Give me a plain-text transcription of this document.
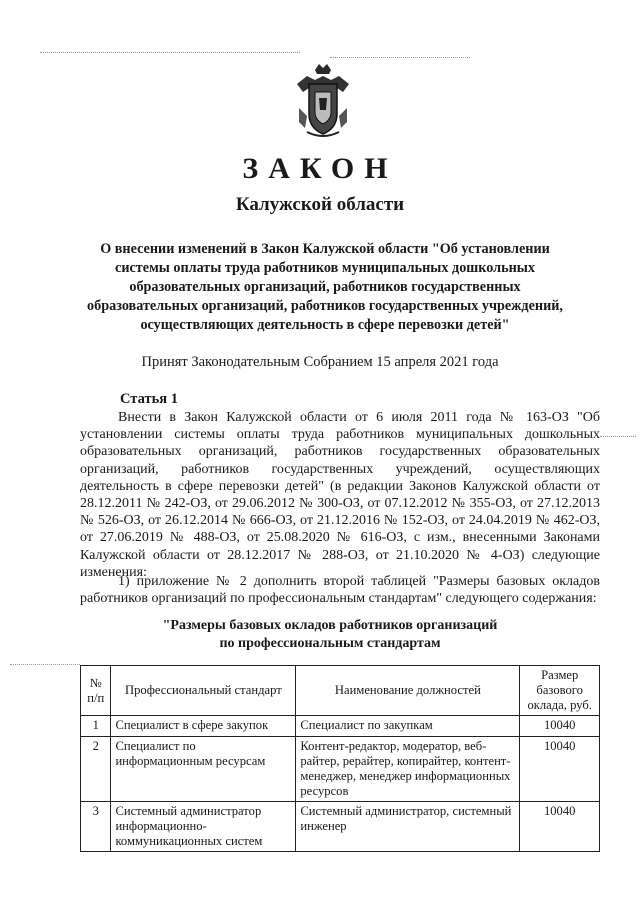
ЗАКОН
Калужской области
О внесении изменений в Закон Калужской области "Об установлении системы оплаты труда работников муниципальных дошкольных образовательных организаций, работников государственных образовательных организаций, работников государственных учреждений, осуществляющих деятельность в сфере перевозки детей"
Принят Законодательным Собранием 15 апреля 2021 года
Статья 1
Внести в Закон Калужской области от 6 июля 2011 года № 163-ОЗ "Об установлении системы оплаты труда работников муниципальных дошкольных образовательных организаций, работников государственных образовательных организаций, работников государственных учреждений, осуществляющих деятельность в сфере перевозки детей" (в редакции Законов Калужской области от 28.12.2011 № 242-ОЗ, от 29.06.2012 № 300-ОЗ, от 07.12.2012 № 355-ОЗ, от 27.12.2013 № 526-ОЗ, от 26.12.2014 № 666-ОЗ, от 21.12.2016 № 152-ОЗ, от 24.04.2019 № 462-ОЗ, от 27.06.2019 № 488-ОЗ, от 25.08.2020 № 616-ОЗ, с изм., внесенными Законами Калужской области от 28.12.2017 № 288-ОЗ, от 21.10.2020 № 4-ОЗ) следующие изменения:
1) приложение № 2 дополнить второй таблицей "Размеры базовых окладов работников организаций по профессиональным стандартам" следующего содержания:
"Размеры базовых окладов работников организаций
по профессиональным стандартам
№ п/п	Профессиональный стандарт	Наименование должностей	Размер базового оклада, руб.
1	Специалист в сфере закупок	Специалист по закупкам	10040
2	Специалист по информационным ресурсам	Контент-редактор, модератор, веб-райтер, рерайтер, копирайтер, контент-менеджер, менеджер информационных ресурсов	10040
3	Системный администратор информационно-коммуникационных систем	Системный администратор, системный инженер	10040
